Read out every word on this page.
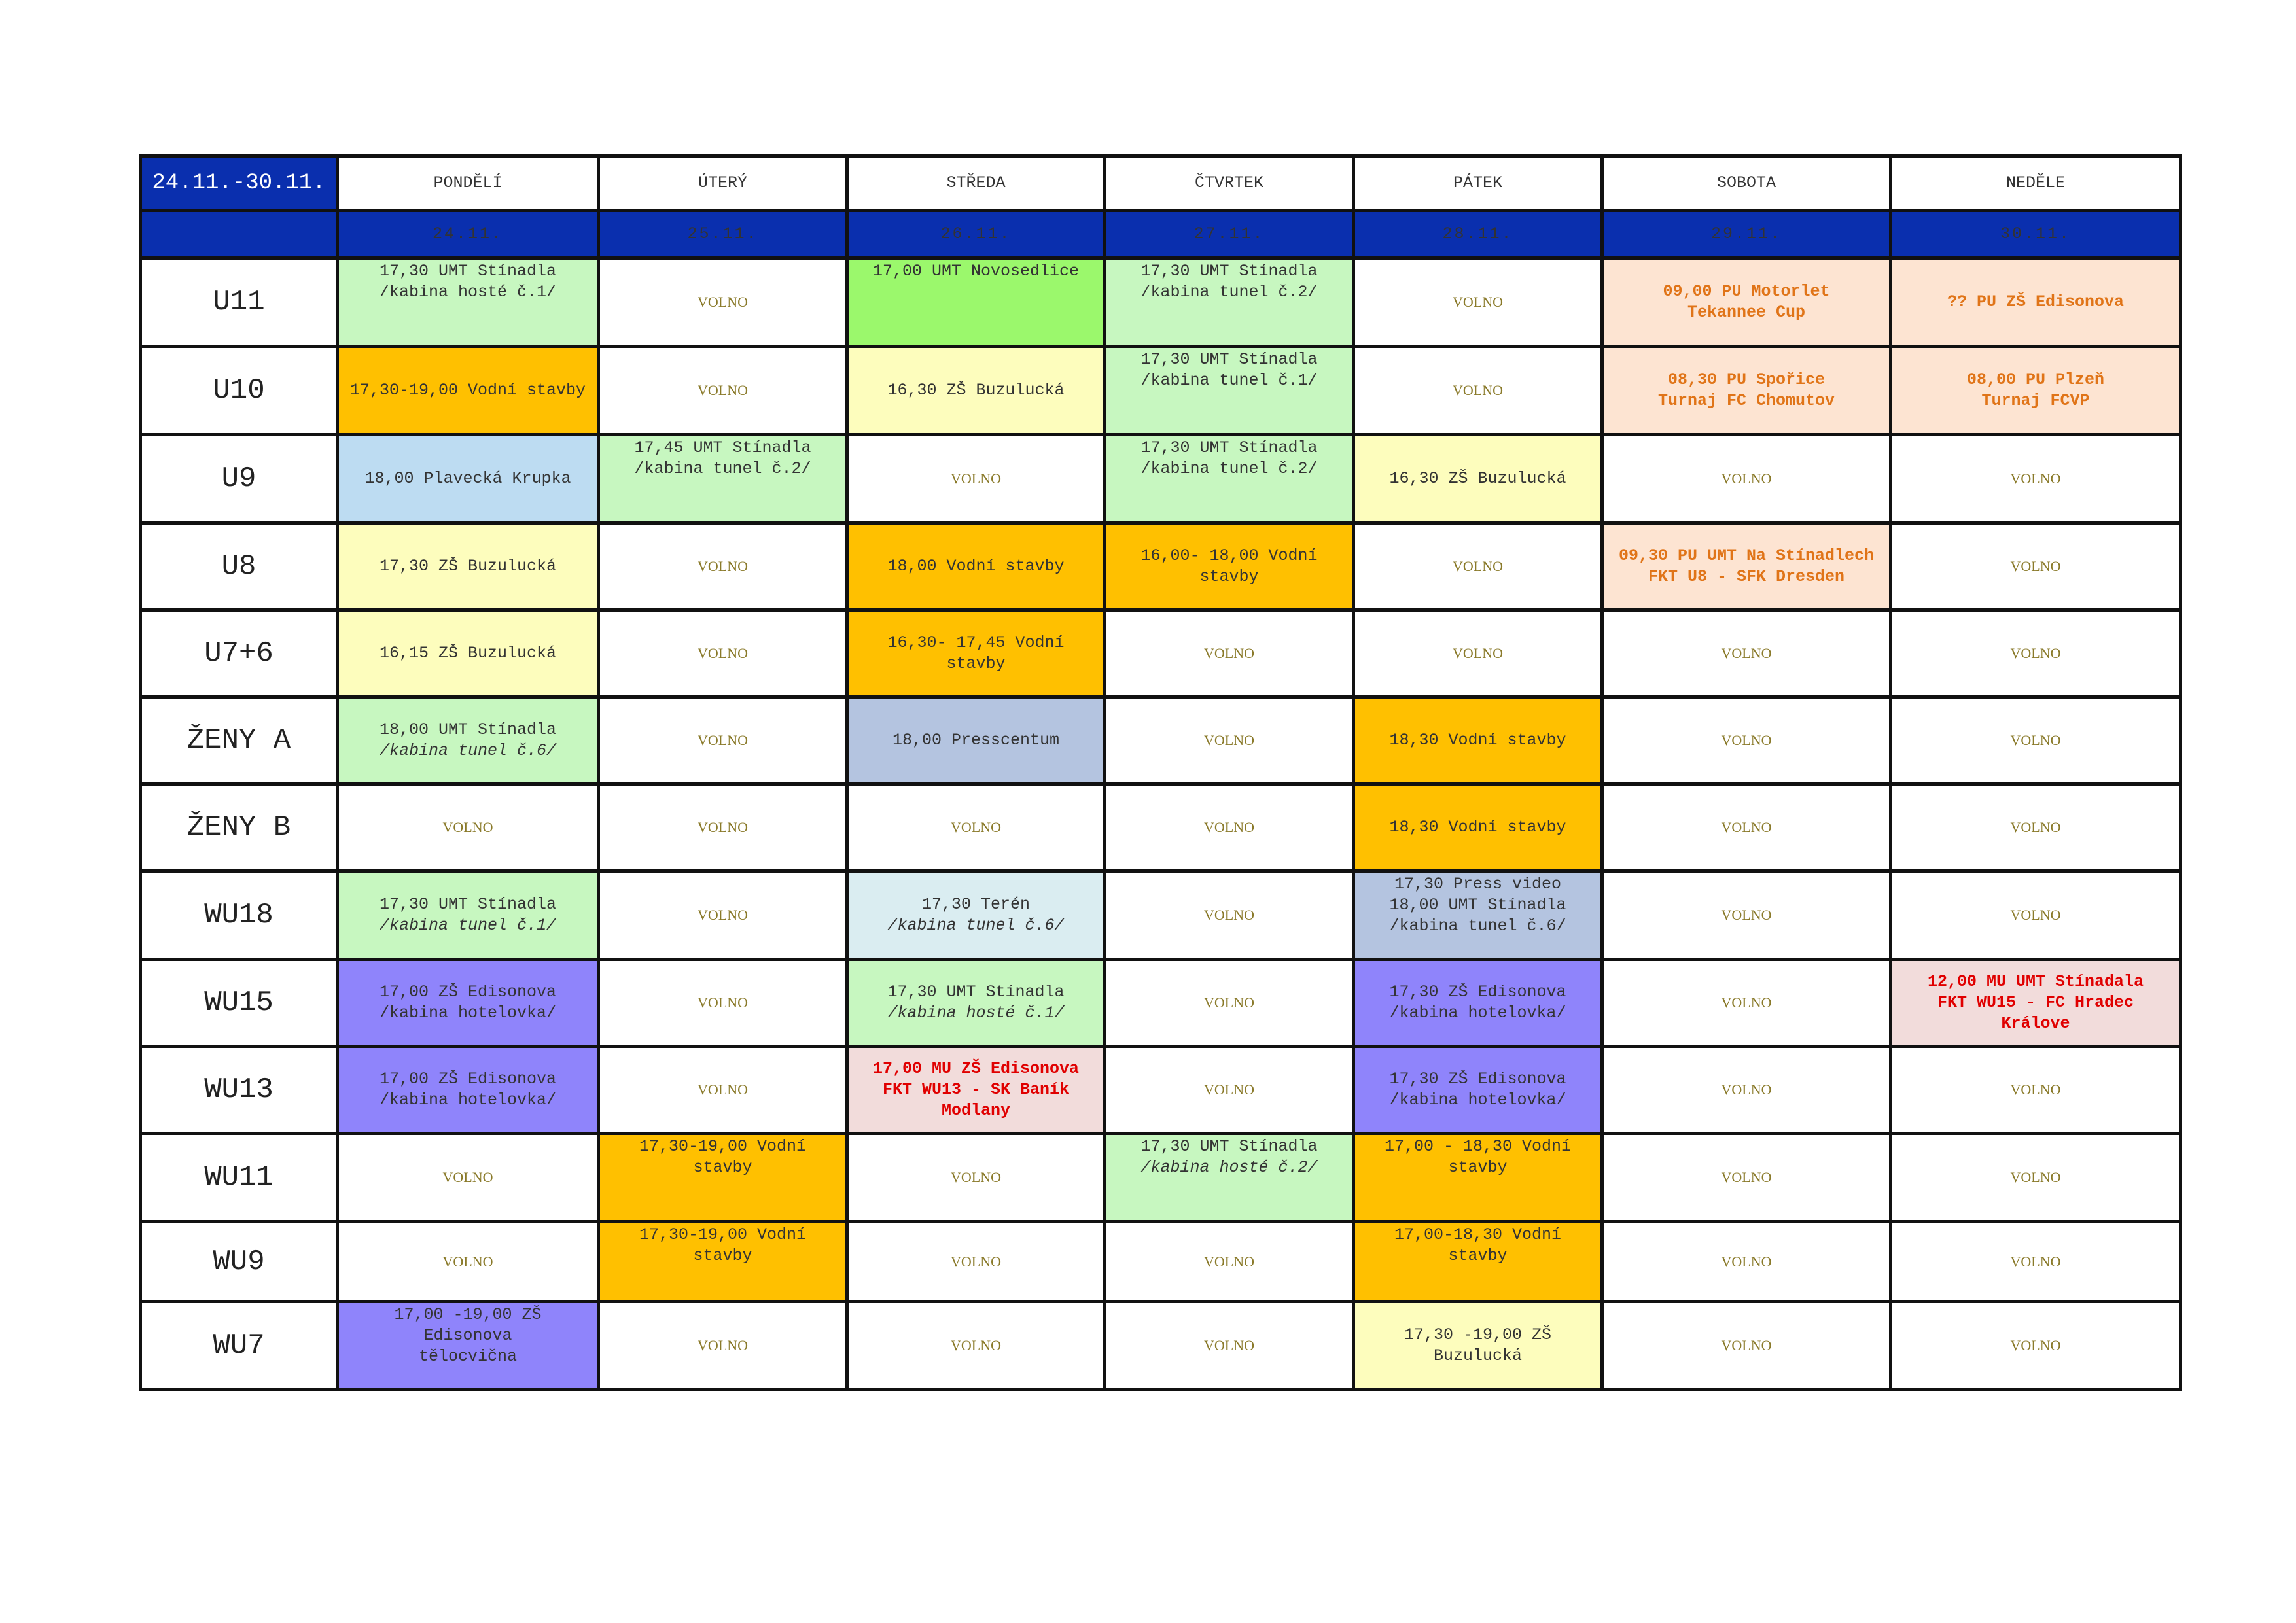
24.11.-30.11.	PONDĚLÍ	ÚTERÝ	STŘEDA	ČTVRTEK	PÁTEK	SOBOTA	NEDĚLE
	24.11.	25.11.	26.11.	27.11.	28.11.	29.11.	30.11.
U11	17,30 UMT Stínadla
/kabina hosté č.1/	VOLNO	17,00 UMT Novosedlice	17,30 UMT Stínadla
/kabina tunel č.2/	VOLNO	09,00 PU Motorlet
Tekannee Cup	?? PU ZŠ Edisonova

U10	17,30-19,00 Vodní stavby	VOLNO	16,30 ZŠ Buzulucká	17,30 UMT Stínadla
/kabina tunel č.1/	VOLNO	08,30 PU Spořice
Turnaj FC Chomutov	08,00 PU Plzeň
Turnaj FCVP

U9	18,00 Plavecká Krupka	17,45 UMT Stínadla
/kabina tunel č.2/	VOLNO	17,30 UMT Stínadla
/kabina tunel č.2/	16,30 ZŠ Buzulucká	VOLNO	VOLNO

U8	17,30 ZŠ Buzulucká	VOLNO	18,00 Vodní stavby	16,00- 18,00 Vodní
stavby	VOLNO	09,30 PU UMT Na Stínadlech
FKT U8 - SFK Dresden	VOLNO

U7+6	16,15 ZŠ Buzulucká	VOLNO	16,30- 17,45 Vodní
stavby	VOLNO	VOLNO	VOLNO	VOLNO

ŽENY A	18,00 UMT Stínadla
/kabina tunel č.6/	VOLNO	18,00 Presscentum	VOLNO	18,30 Vodní stavby	VOLNO	VOLNO

ŽENY B	VOLNO	VOLNO	VOLNO	VOLNO	18,30 Vodní stavby	VOLNO	VOLNO

WU18	17,30 UMT Stínadla
/kabina tunel č.1/	VOLNO	17,30 Terén
/kabina tunel č.6/	VOLNO	17,30 Press video
18,00 UMT Stínadla
/kabina tunel č.6/	VOLNO	VOLNO

WU15	17,00 ZŠ Edisonova
/kabina hotelovka/	VOLNO	17,30 UMT Stínadla
/kabina hosté č.1/	VOLNO	17,30 ZŠ Edisonova
/kabina hotelovka/	VOLNO	12,00 MU UMT Stínadala
FKT WU15 - FC Hradec
Králove

WU13	17,00 ZŠ Edisonova
/kabina hotelovka/	VOLNO	17,00 MU ZŠ Edisonova
FKT WU13 - SK Baník
Modlany	VOLNO	17,30 ZŠ Edisonova
/kabina hotelovka/	VOLNO	VOLNO

WU11	VOLNO	17,30-19,00 Vodní
stavby	VOLNO	17,30 UMT Stínadla
/kabina hosté č.2/	17,00 - 18,30 Vodní
stavby	VOLNO	VOLNO

WU9	VOLNO	17,30-19,00 Vodní
stavby	VOLNO	VOLNO	17,00-18,30 Vodní
stavby	VOLNO	VOLNO

WU7	17,00 -19,00 ZŠ
Edisonova
tělocvična	VOLNO	VOLNO	VOLNO	17,30 -19,00 ZŠ
Buzulucká	VOLNO	VOLNO
